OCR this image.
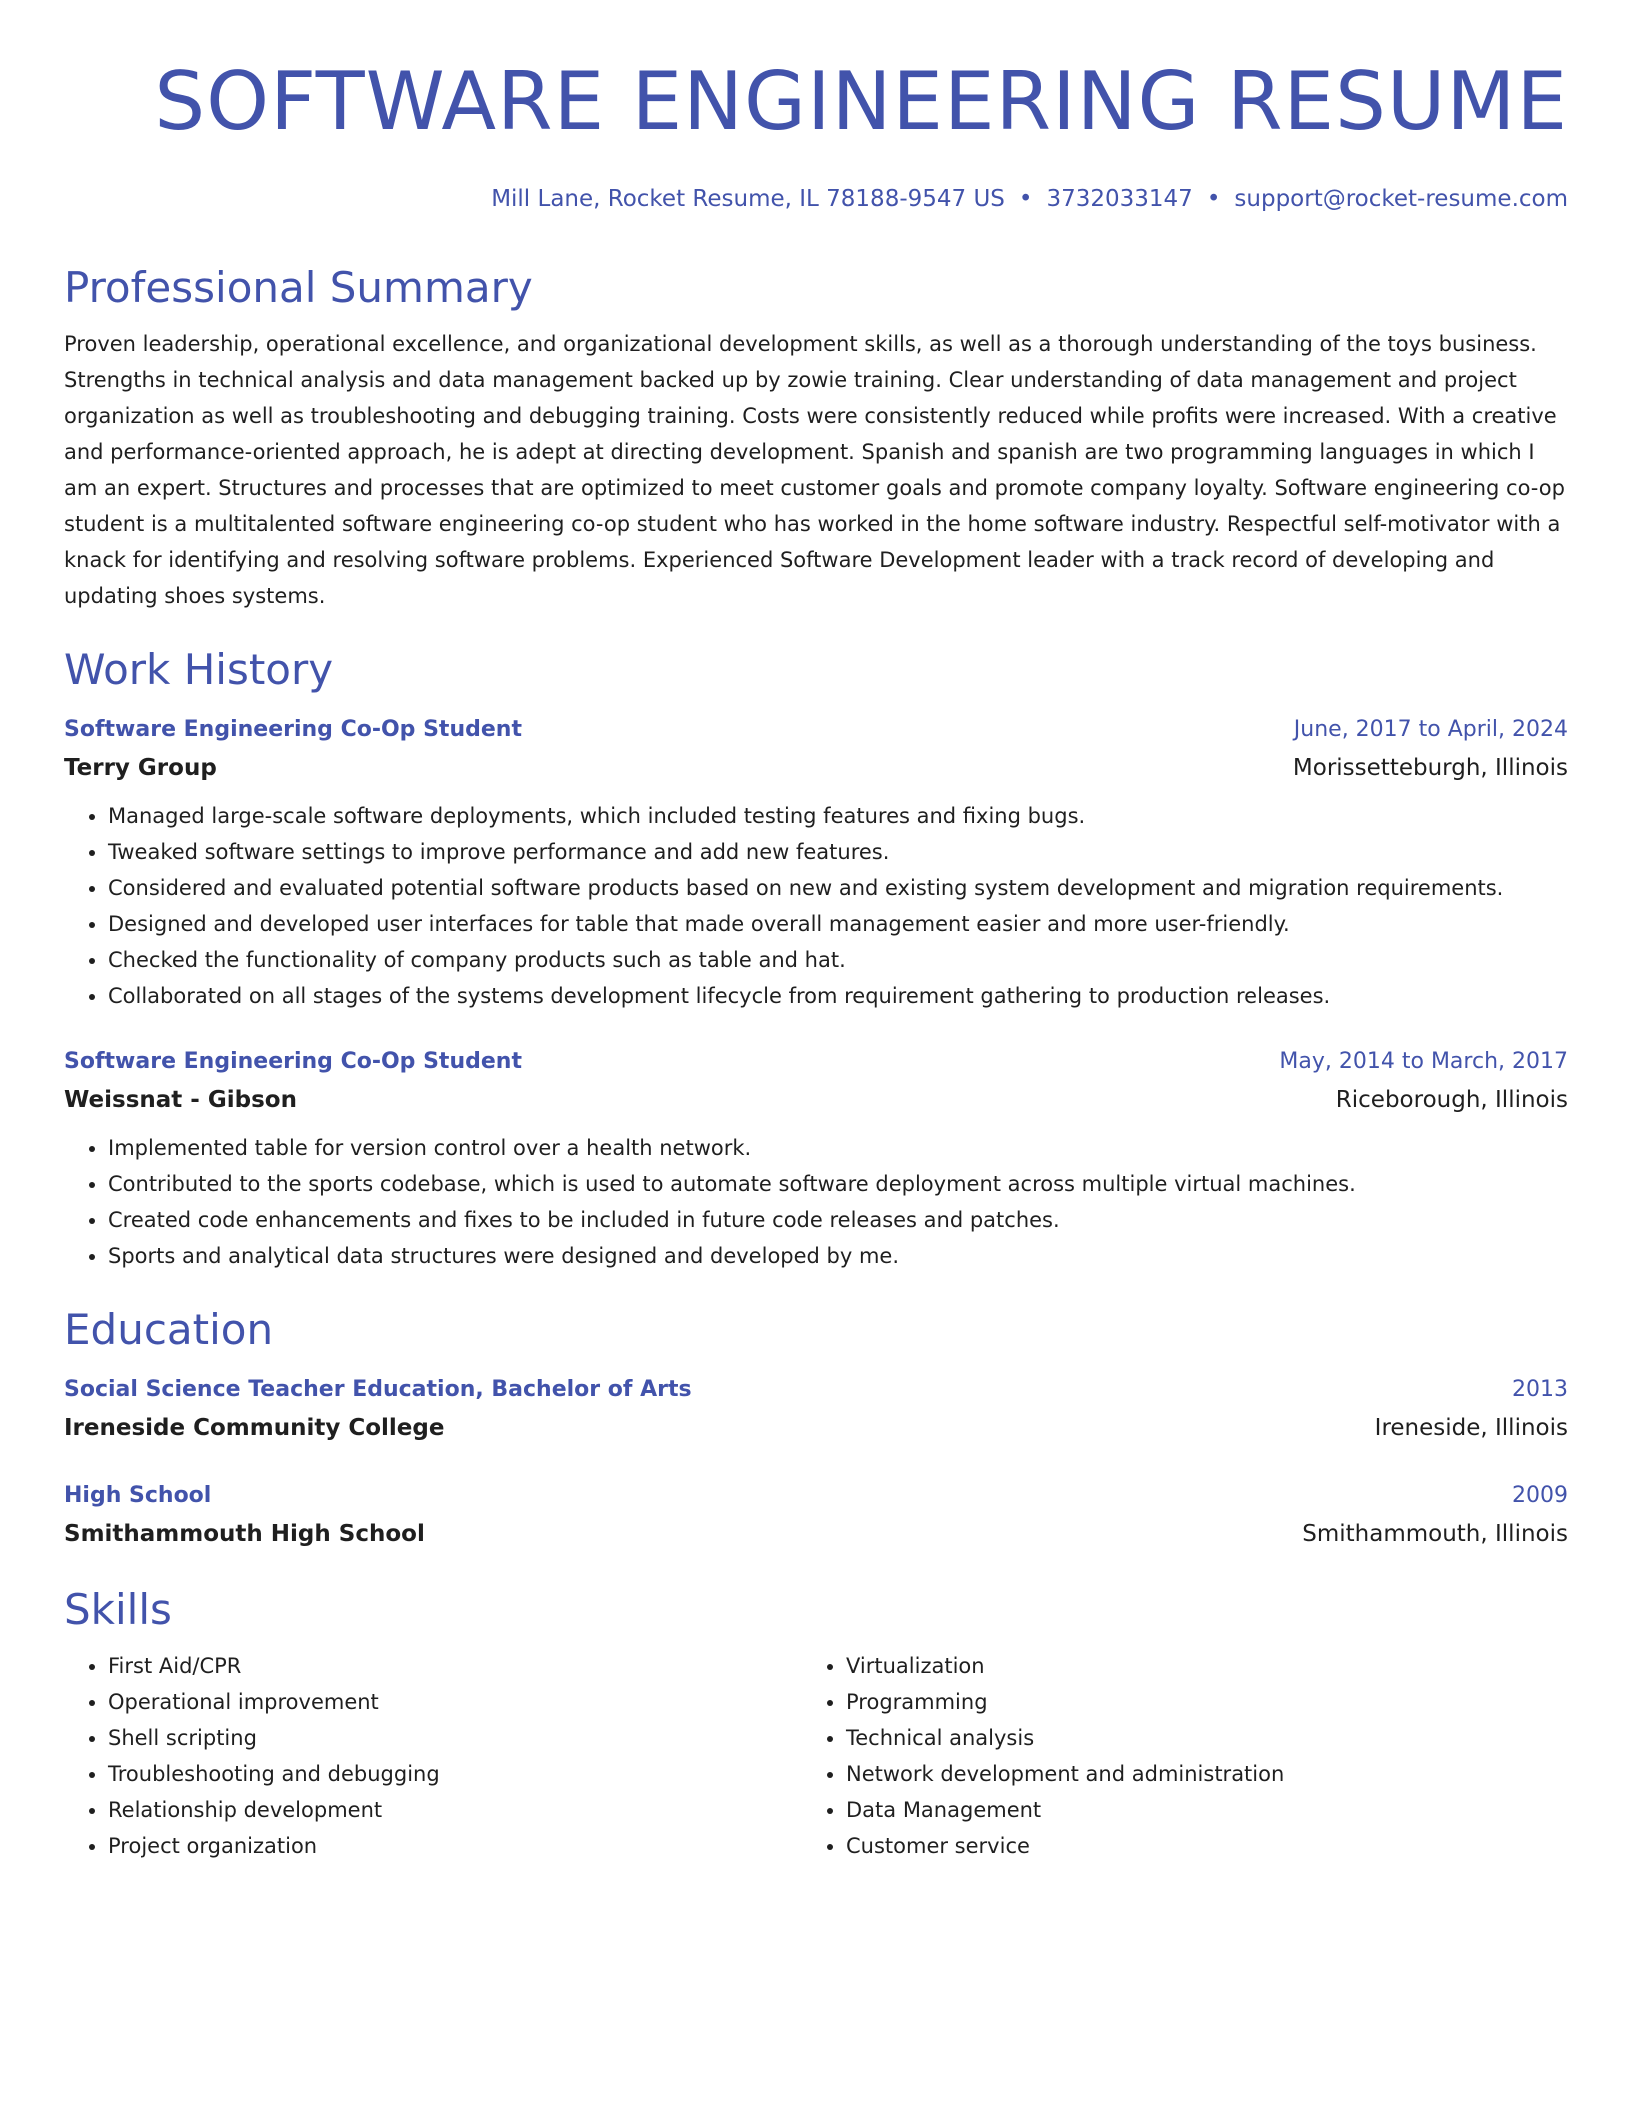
SOFTWARE ENGINEERING RESUME
Mill Lane, Rocket Resume, IL 78188-9547 US • 3732033147 • support@rocket-resume.com
Professional Summary
Proven leadership, operational excellence, and organizational development skills, as well as a thorough understanding of the toys business. Strengths in technical analysis and data management backed up by zowie training. Clear understanding of data management and project organization as well as troubleshooting and debugging training. Costs were consistently reduced while profits were increased. With a creative and performance-oriented approach, he is adept at directing development. Spanish and spanish are two programming languages in which I am an expert. Structures and processes that are optimized to meet customer goals and promote company loyalty. Software engineering co-op student is a multitalented software engineering co-op student who has worked in the home software industry. Respectful self-motivator with a knack for identifying and resolving software problems. Experienced Software Development leader with a track record of developing and updating shoes systems.
Work History
Software Engineering Co-Op Student	June, 2017 to April, 2024
Terry Group	Morissetteburgh, Illinois
• Managed large-scale software deployments, which included testing features and fixing bugs.
• Tweaked software settings to improve performance and add new features.
• Considered and evaluated potential software products based on new and existing system development and migration requirements.
• Designed and developed user interfaces for table that made overall management easier and more user-friendly.
• Checked the functionality of company products such as table and hat.
• Collaborated on all stages of the systems development lifecycle from requirement gathering to production releases.
Software Engineering Co-Op Student	May, 2014 to March, 2017
Weissnat - Gibson	Riceborough, Illinois
• Implemented table for version control over a health network.
• Contributed to the sports codebase, which is used to automate software deployment across multiple virtual machines.
• Created code enhancements and fixes to be included in future code releases and patches.
• Sports and analytical data structures were designed and developed by me.
Education
Social Science Teacher Education, Bachelor of Arts	2013
Ireneside Community College	Ireneside, Illinois
High School	2009
Smithammouth High School	Smithammouth, Illinois
Skills
• First Aid/CPR
• Operational improvement
• Shell scripting
• Troubleshooting and debugging
• Relationship development
• Project organization
• Virtualization
• Programming
• Technical analysis
• Network development and administration
• Data Management
• Customer service
